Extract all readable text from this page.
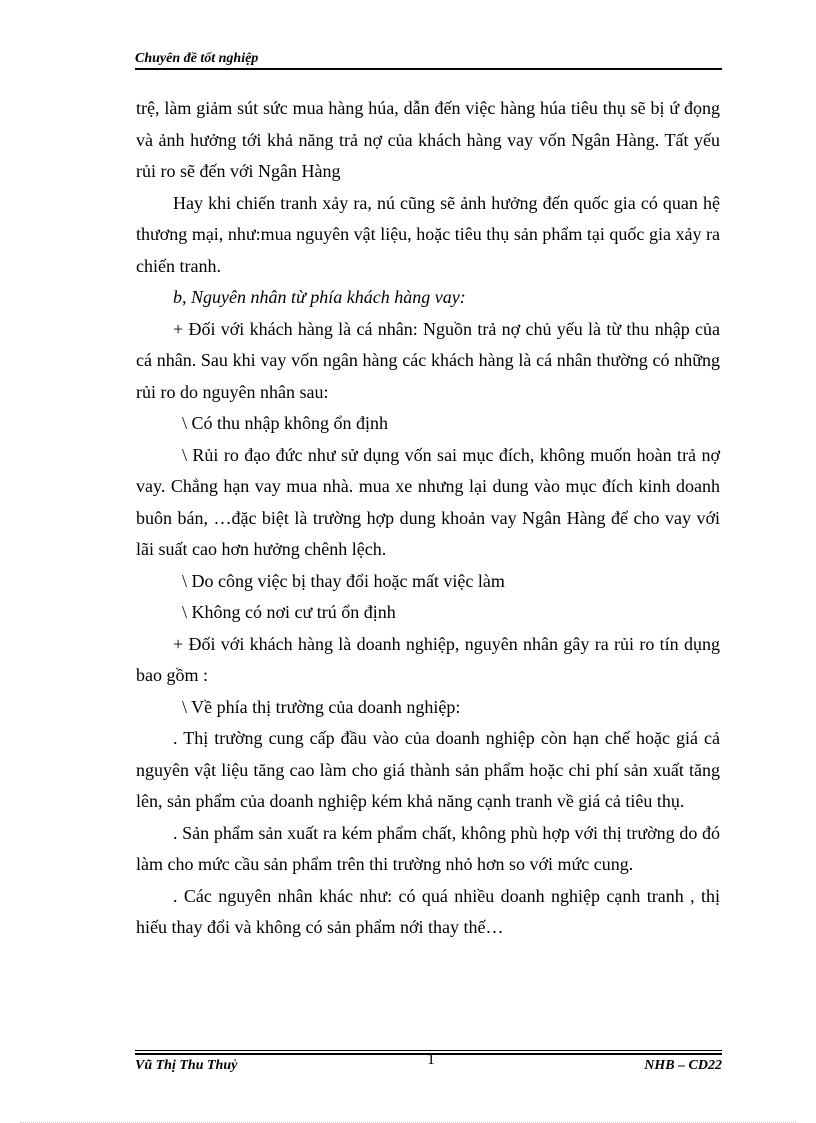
Chuyên đề tốt nghiệp

trệ, làm giảm sút sức mua hàng húa, dẫn đến việc hàng húa tiêu thụ sẽ bị ứ đọng và ảnh hưởng tới khả năng trả nợ của khách hàng vay vốn Ngân Hàng. Tất yếu rủi ro sẽ đến với Ngân Hàng

Hay khi chiến tranh xảy ra, nú cũng sẽ ảnh hưởng đến quốc gia có quan hệ thương mại, như:mua nguyên vật liệu, hoặc tiêu thụ sản phẩm tại quốc gia xảy ra chiến tranh.

b, Nguyên nhân từ phía khách hàng vay:

+ Đối với khách hàng là cá nhân: Nguồn trả nợ chủ yếu là từ thu nhập của cá nhân. Sau khi vay vốn ngân hàng các khách hàng là cá nhân thường có những rủi ro do nguyên nhân sau:

\ Có thu nhập không ổn định

\ Rủi ro đạo đức như sử dụng vốn sai mục đích, không muốn hoàn trả nợ vay. Chẳng hạn vay mua nhà. mua xe nhưng lại dung vào mục đích kinh doanh buôn bán, …đặc biệt là trường hợp dung khoản vay Ngân Hàng để cho vay với lãi suất cao hơn hưởng chênh lệch.

\ Do công việc bị thay đổi hoặc mất việc làm

\ Không có nơi cư trú ổn định

+ Đối với khách hàng là doanh nghiệp, nguyên nhân gây ra rủi ro tín dụng bao gồm :

\ Về phía thị trường của doanh nghiệp:

. Thị trường cung cấp đầu vào của doanh nghiệp còn hạn chế hoặc giá cả nguyên vật liệu tăng cao làm cho giá thành sản phẩm hoặc chi phí sản xuất tăng lên, sản phẩm của doanh nghiệp kém khả năng cạnh tranh về giá cả tiêu thụ.

. Sản phẩm sản xuất ra kém phẩm chất, không phù hợp với thị trường do đó làm cho mức cầu sản phẩm trên thi trường nhỏ hơn so với mức cung.

. Các nguyên nhân khác như: có quá nhiều doanh nghiệp cạnh tranh , thị hiếu thay đổi và không có sản phẩm nới thay thế…

Vũ Thị Thu Thuỷ	1	NHB – CD22
